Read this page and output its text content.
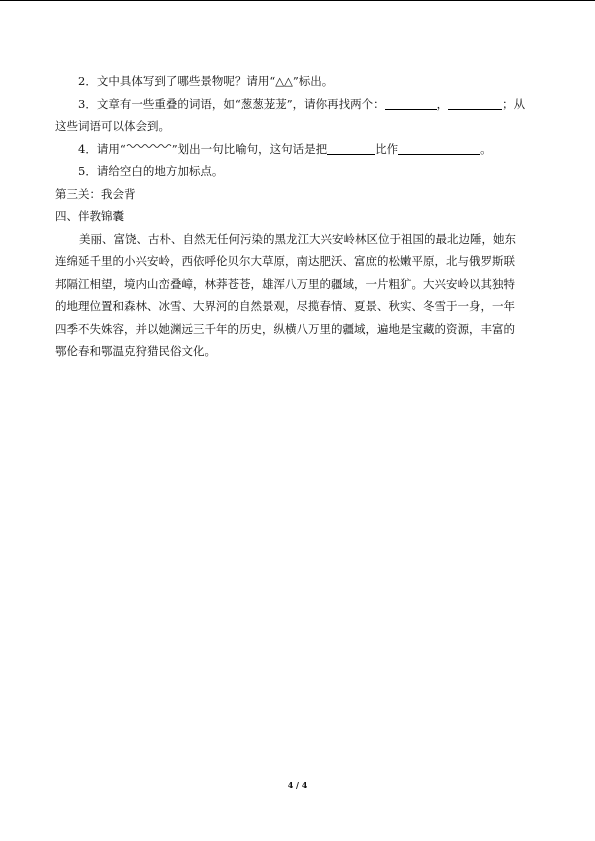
2．文中具体写到了哪些景物呢？请用“△△”标出。
3．文章有一些重叠的词语，如“葱葱茏茏”，请你再找两个：	，	；从
这些词语可以体会到。
4．请用“	”划出一句比喻句，这句话是把	比作	。
5．请给空白的地方加标点。
第三关：我会背
四、伴教锦囊
美丽、富饶、古朴、自然无任何污染的黑龙江大兴安岭林区位于祖国的最北边陲，她东
连绵延千里的小兴安岭，西依呼伦贝尔大草原，南达肥沃、富庶的松嫩平原，北与俄罗斯联
邦隔江相望，境内山峦叠嶂，林莽苍苍，雄浑八万里的疆域，一片粗犷。大兴安岭以其独特
的地理位置和森林、冰雪、大界河的自然景观，尽揽春情、夏景、秋实、冬雪于一身，一年
四季不失姝容，并以她渊远三千年的历史，纵横八万里的疆域，遍地是宝藏的资源，丰富的
鄂伦春和鄂温克狩猎民俗文化。
4 / 4
